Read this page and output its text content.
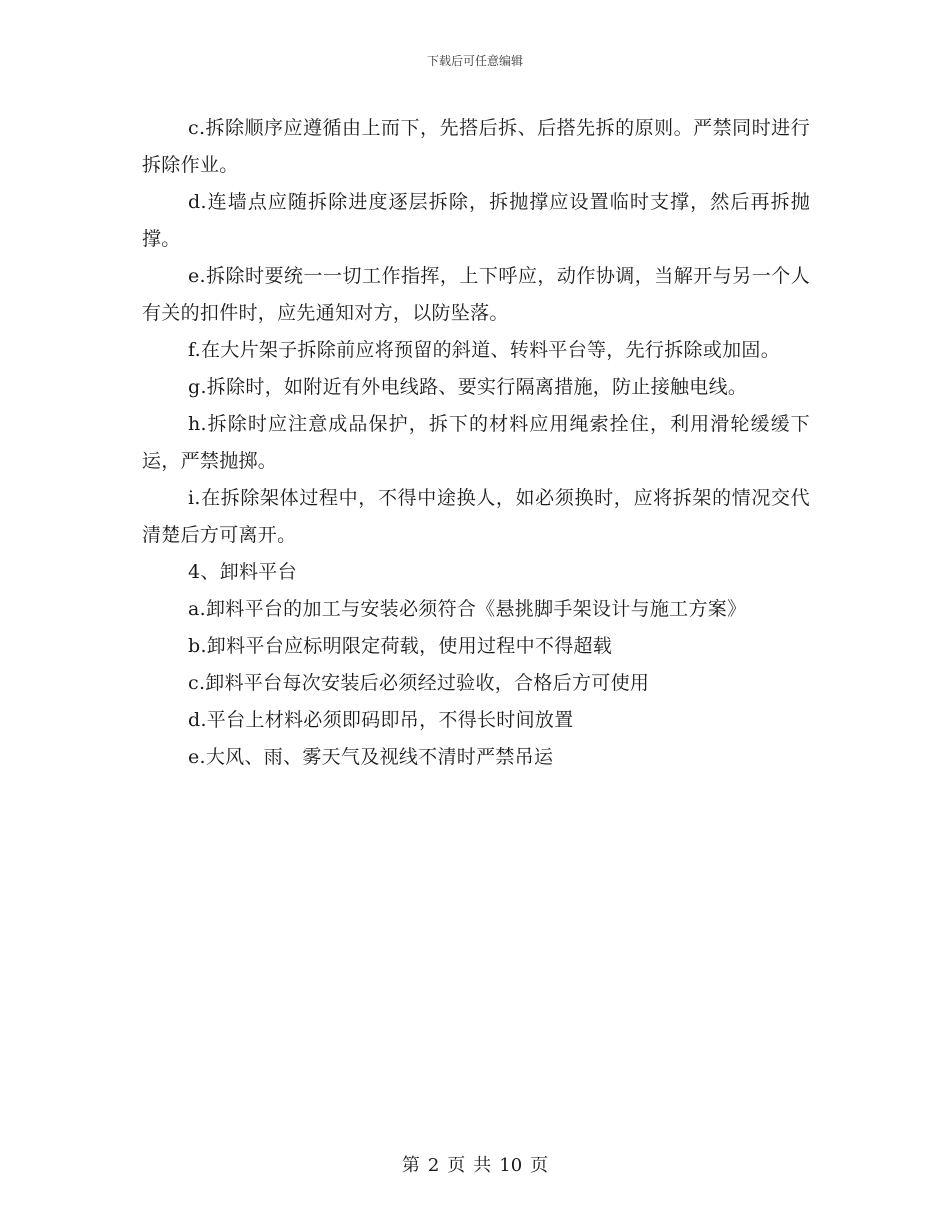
下载后可任意编辑

c.拆除顺序应遵循由上而下，先搭后拆、后搭先拆的原则。严禁同时进行拆除作业。

d.连墙点应随拆除进度逐层拆除，拆抛撑应设置临时支撑，然后再拆抛撑。

e.拆除时要统一一切工作指挥，上下呼应，动作协调，当解开与另一个人有关的扣件时，应先通知对方，以防坠落。

f.在大片架子拆除前应将预留的斜道、转料平台等，先行拆除或加固。

g.拆除时，如附近有外电线路、要实行隔离措施，防止接触电线。

h.拆除时应注意成品保护，拆下的材料应用绳索拴住，利用滑轮缓缓下运，严禁抛掷。

i.在拆除架体过程中，不得中途换人，如必须换时，应将拆架的情况交代清楚后方可离开。

4、卸料平台

a.卸料平台的加工与安装必须符合《悬挑脚手架设计与施工方案》

b.卸料平台应标明限定荷载，使用过程中不得超载

c.卸料平台每次安装后必须经过验收，合格后方可使用

d.平台上材料必须即码即吊，不得长时间放置

e.大风、雨、雾天气及视线不清时严禁吊运

第 2 页 共 10 页
